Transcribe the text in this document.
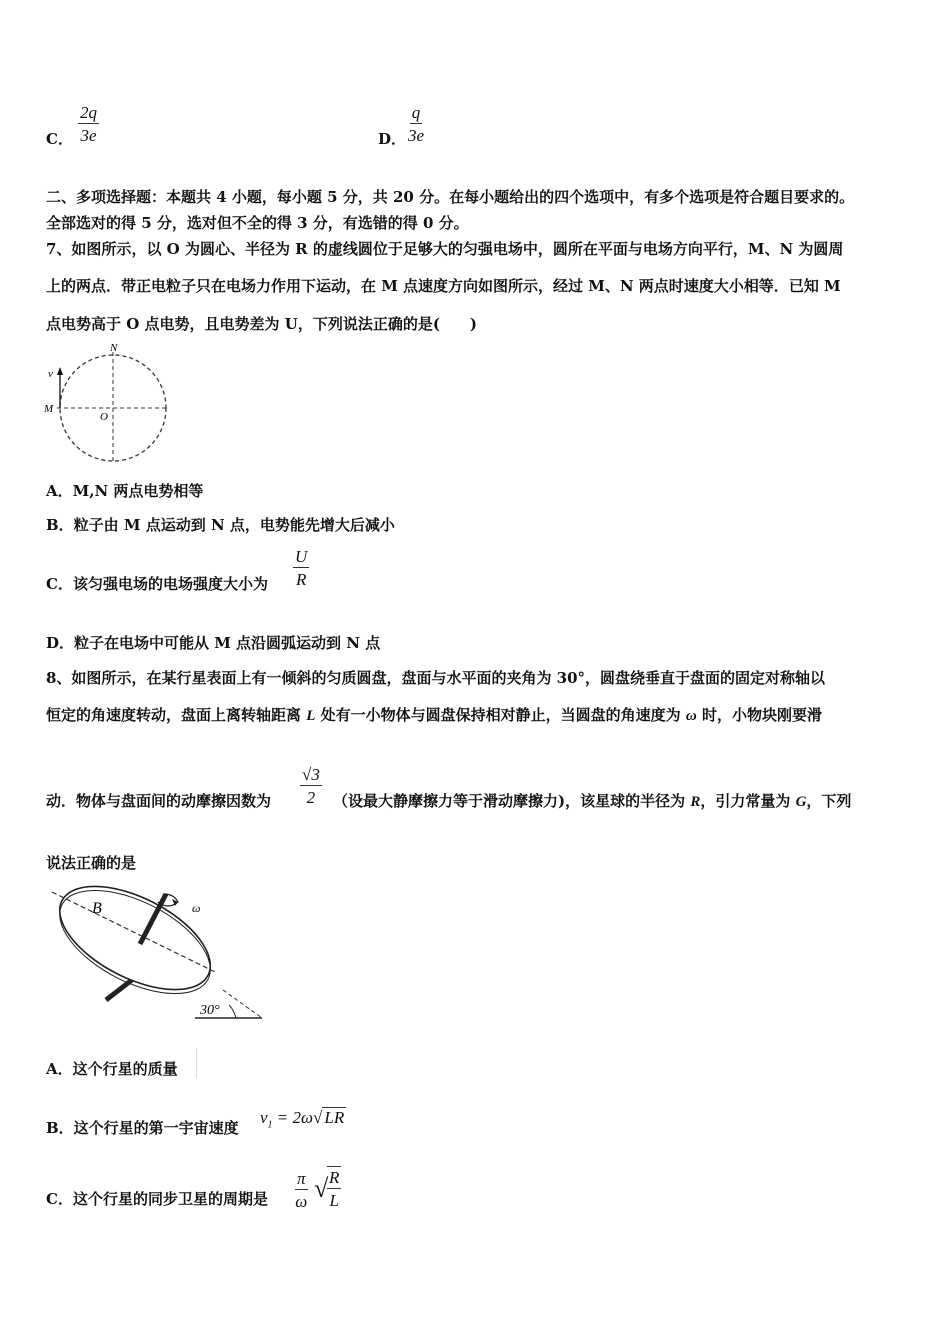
C． $\frac{2q}{3e}$	D． $\frac{q}{3e}$
二、多项选择题：本题共 4 小题，每小题 5 分，共 20 分。在每小题给出的四个选项中，有多个选项是符合题目要求的。
全部选对的得 5 分，选对但不全的得 3 分，有选错的得 0 分。
7、如图所示，以 O 为圆心、半径为 R 的虚线圆位于足够大的匀强电场中，圆所在平面与电场方向平行，M、N 为圆周
上的两点．带正电粒子只在电场力作用下运动，在 M 点速度方向如图所示，经过 M、N 两点时速度大小相等．已知 M
点电势高于 O 点电势，且电势差为 U，下列说法正确的是(　　)
N
v
M
O
A．M,N 两点电势相等
B．粒子由 M 点运动到 N 点，电势能先增大后减小
C．该匀强电场的电场强度大小为 $\frac{U}{R}$
D．粒子在电场中可能从 M 点沿圆弧运动到 N 点
8、如图所示，在某行星表面上有一倾斜的匀质圆盘，盘面与水平面的夹角为 30°，圆盘绕垂直于盘面的固定对称轴以
恒定的角速度转动，盘面上离转轴距离 L 处有一小物体与圆盘保持相对静止，当圆盘的角速度为 ω 时，小物块刚要滑
动．物体与盘面间的动摩擦因数为 $\frac{√3}{2}$ （设最大静摩擦力等于滑动摩擦力)，该星球的半径为 R，引力常量为 G，下列
说法正确的是
ω
B
30°
A．这个行星的质量
B．这个行星的第一宇宙速度
$v_1 = 2\omega√$ LR
C．这个行星的同步卫星的周期是 $\frac{\pi}{\omega}$ √
$\frac{R}{L}$
